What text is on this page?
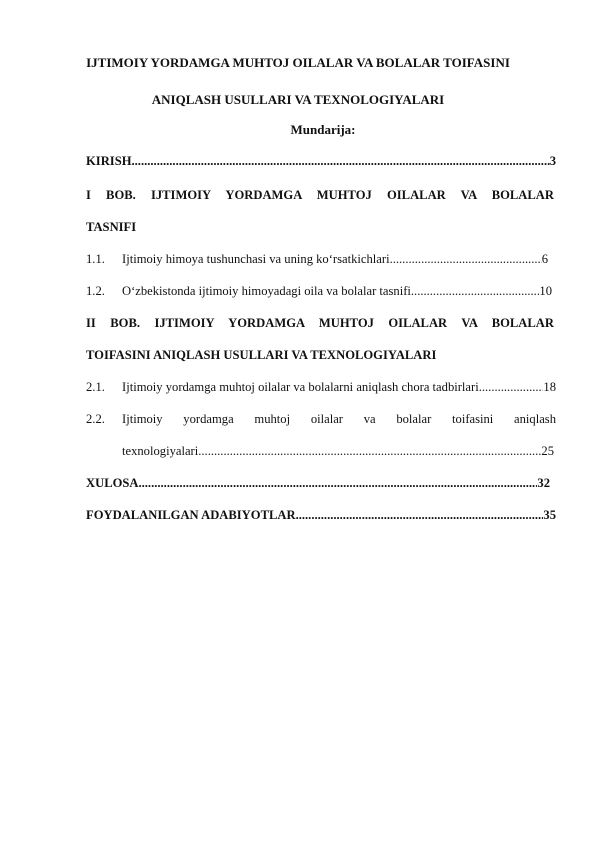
IJTIMOIY YORDAMGA MUHTOJ OILALAR VA BOLALAR TOIFASINI
ANIQLASH USULLARI VA TEXNOLOGIYALARI
Mundarija:
KIRISH .....	3
I BOB. IJTIMOIY YORDAMGA MUHTOJ OILALAR VA BOLALAR
TASNIFI
1.1.	Ijtimoiy himoya tushunchasi va uning koʻrsatkichlari .....	6
1.2.	Oʻzbekistonda ijtimoiy himoyadagi oila va bolalar tasnifi .....	10
II BOB. IJTIMOIY YORDAMGA MUHTOJ OILALAR VA BOLALAR
TOIFASINI ANIQLASH USULLARI VA TEXNOLOGIYALARI
2.1.	Ijtimoiy yordamga muhtoj oilalar va bolalarni aniqlash chora tadbirlari .....	18
2.2.	Ijtimoiy yordamga muhtoj oilalar va bolalar toifasini aniqlash
texnologiyalari .....	25
XULOSA .....	32
FOYDALANILGAN ADABIYOTLAR .....	35
